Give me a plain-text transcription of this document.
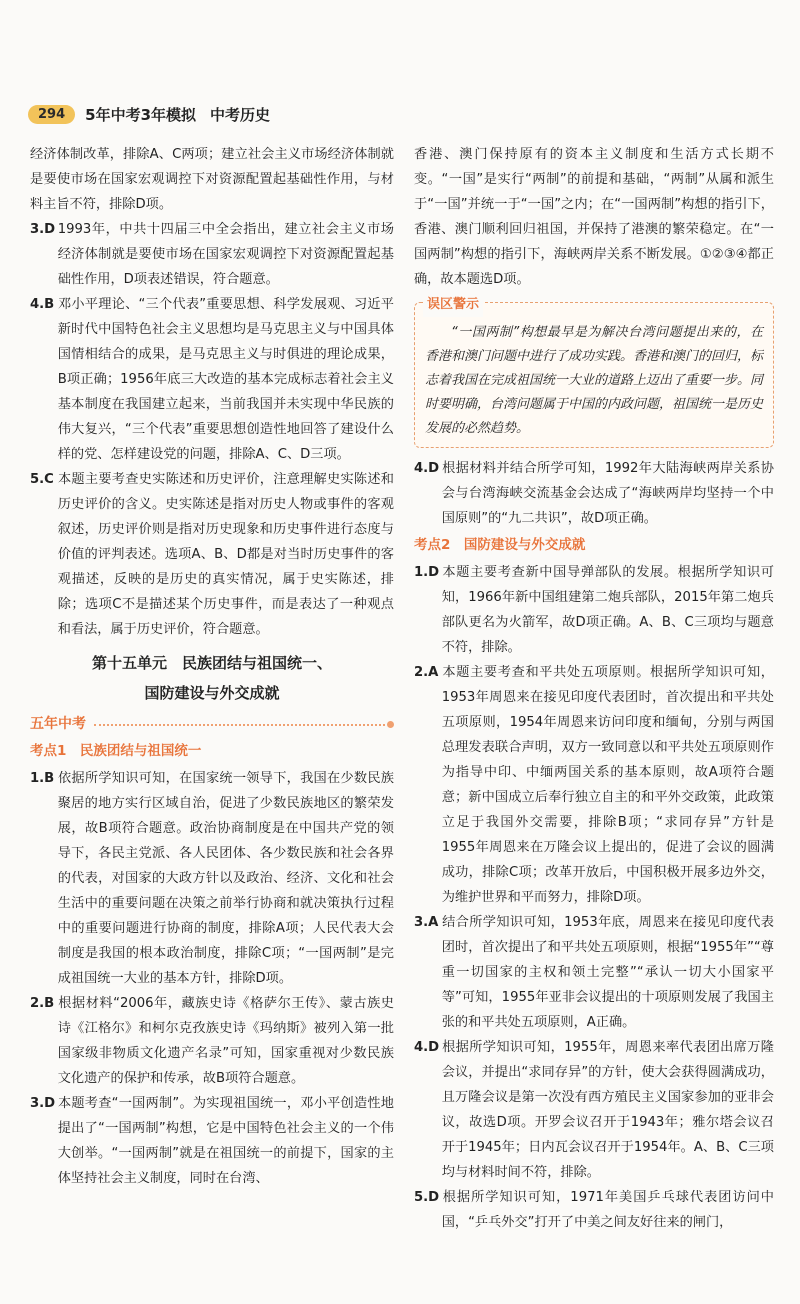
294	5年中考3年模拟 中考历史

经济体制改革，排除A、C两项；建立社会主义市场经济体制就是要使市场在国家宏观调控下对资源配置起基础性作用，与材料主旨不符，排除D项。

3.D 1993年，中共十四届三中全会指出，建立社会主义市场经济体制就是要使市场在国家宏观调控下对资源配置起基础性作用，D项表述错误，符合题意。

4.B 邓小平理论、“三个代表”重要思想、科学发展观、习近平新时代中国特色社会主义思想均是马克思主义与中国具体国情相结合的成果，是马克思主义与时俱进的理论成果，B项正确；1956年底三大改造的基本完成标志着社会主义基本制度在我国建立起来，当前我国并未实现中华民族的伟大复兴，“三个代表”重要思想创造性地回答了建设什么样的党、怎样建设党的问题，排除A、C、D三项。

5.C 本题主要考查史实陈述和历史评价，注意理解史实陈述和历史评价的含义。史实陈述是指对历史人物或事件的客观叙述，历史评价则是指对历史现象和历史事件进行态度与价值的评判表述。选项A、B、D都是对当时历史事件的客观描述，反映的是历史的真实情况，属于史实陈述，排除；选项C不是描述某个历史事件，而是表达了一种观点和看法，属于历史评价，符合题意。

第十五单元　民族团结与祖国统一、
国防建设与外交成就
五年中考
考点1　民族团结与祖国统一

1.B 依据所学知识可知，在国家统一领导下，我国在少数民族聚居的地方实行区域自治，促进了少数民族地区的繁荣发展，故B项符合题意。政治协商制度是在中国共产党的领导下，各民主党派、各人民团体、各少数民族和社会各界的代表，对国家的大政方针以及政治、经济、文化和社会生活中的重要问题在决策之前举行协商和就决策执行过程中的重要问题进行协商的制度，排除A项；人民代表大会制度是我国的根本政治制度，排除C项；“一国两制”是完成祖国统一大业的基本方针，排除D项。

2.B 根据材料“2006年，藏族史诗《格萨尔王传》、蒙古族史诗《江格尔》和柯尔克孜族史诗《玛纳斯》被列入第一批国家级非物质文化遗产名录”可知，国家重视对少数民族文化遗产的保护和传承，故B项符合题意。

3.D 本题考查“一国两制”。为实现祖国统一，邓小平创造性地提出了“一国两制”构想，它是中国特色社会主义的一个伟大创举。“一国两制”就是在祖国统一的前提下，国家的主体坚持社会主义制度，同时在台湾、

香港、澳门保持原有的资本主义制度和生活方式长期不变。“一国”是实行“两制”的前提和基础，“两制”从属和派生于“一国”并统一于“一国”之内；在“一国两制”构想的指引下，香港、澳门顺利回归祖国，并保持了港澳的繁荣稳定。在“一国两制”构想的指引下，海峡两岸关系不断发展。①②③④都正确，故本题选D项。

误区警示

“一国两制”构想最早是为解决台湾问题提出来的，在香港和澳门问题中进行了成功实践。香港和澳门的回归，标志着我国在完成祖国统一大业的道路上迈出了重要一步。同时要明确，台湾问题属于中国的内政问题，祖国统一是历史发展的必然趋势。

4.D 根据材料并结合所学可知，1992年大陆海峡两岸关系协会与台湾海峡交流基金会达成了“海峡两岸均坚持一个中国原则”的“九二共识”，故D项正确。

考点2　国防建设与外交成就

1.D 本题主要考查新中国导弹部队的发展。根据所学知识可知，1966年新中国组建第二炮兵部队，2015年第二炮兵部队更名为火箭军，故D项正确。A、B、C三项均与题意不符，排除。

2.A 本题主要考查和平共处五项原则。根据所学知识可知，1953年周恩来在接见印度代表团时，首次提出和平共处五项原则，1954年周恩来访问印度和缅甸，分别与两国总理发表联合声明，双方一致同意以和平共处五项原则作为指导中印、中缅两国关系的基本原则，故A项符合题意；新中国成立后奉行独立自主的和平外交政策，此政策立足于我国外交需要，排除B项；“求同存异”方针是1955年周恩来在万隆会议上提出的，促进了会议的圆满成功，排除C项；改革开放后，中国积极开展多边外交，为维护世界和平而努力，排除D项。

3.A 结合所学知识可知，1953年底，周恩来在接见印度代表团时，首次提出了和平共处五项原则，根据“1955年”“尊重一切国家的主权和领土完整”“承认一切大小国家平等”可知，1955年亚非会议提出的十项原则发展了我国主张的和平共处五项原则，A正确。

4.D 根据所学知识可知，1955年，周恩来率代表团出席万隆会议，并提出“求同存异”的方针，使大会获得圆满成功，且万隆会议是第一次没有西方殖民主义国家参加的亚非会议，故选D项。开罗会议召开于1943年；雅尔塔会议召开于1945年；日内瓦会议召开于1954年。A、B、C三项均与材料时间不符，排除。

5.D 根据所学知识可知，1971年美国乒乓球代表团访问中国，“乒乓外交”打开了中美之间友好往来的闸门，
